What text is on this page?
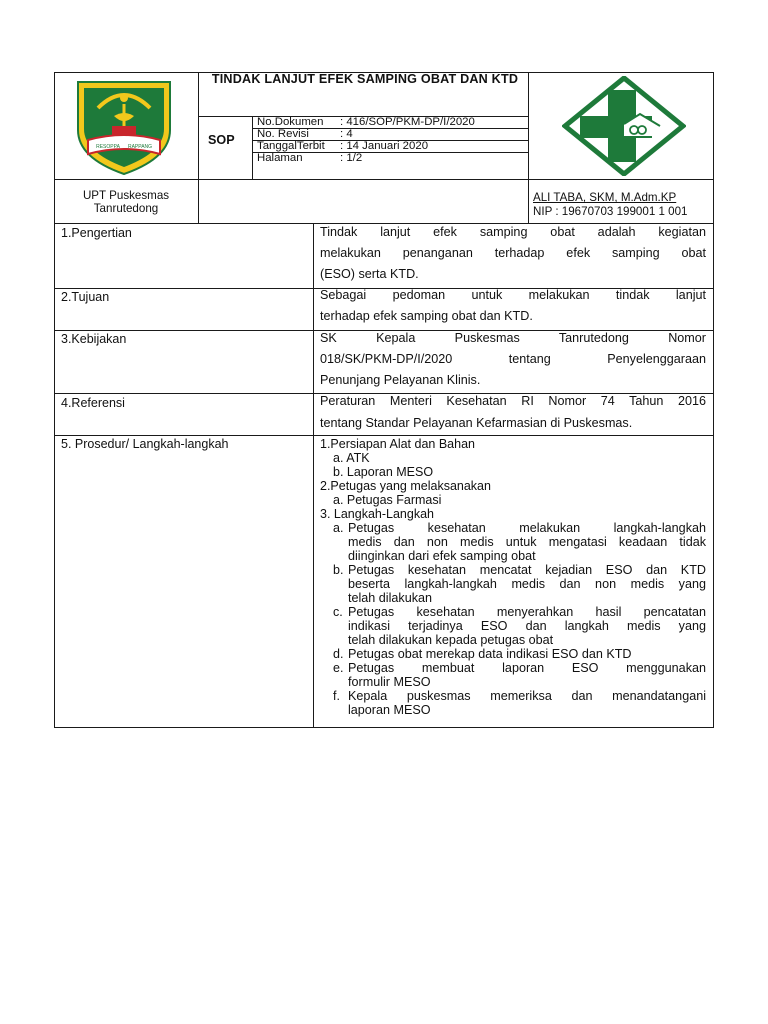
RESOPPA RAPPANG
TINDAK LANJUT EFEK SAMPING OBAT DAN KTD
SOP
No.Dokumen : 416/SOP/PKM-DP/I/2020
No. Revisi	: 4
TanggalTerbit : 14 Januari 2020
Halaman	: 1/2
UPT Puskesmas
Tanrutedong
ALI TABA, SKM, M.Adm.KP
NIP : 19670703 199001 1 001
1.Pengertian
2.Tujuan
3.Kebijakan
4.Referensi
5. Prosedur/ Langkah-langkah
Tindak lanjut efek samping obat adalah kegiatan
melakukan penanganan terhadap efek samping obat
(ESO) serta KTD.
Sebagai pedoman untuk melakukan tindak lanjut
terhadap efek samping obat dan KTD.
SK Kepala Puskesmas Tanrutedong Nomor
018/SK/PKM-DP/I/2020 tentang Penyelenggaraan
Penunjang Pelayanan Klinis.
Peraturan Menteri Kesehatan RI Nomor 74 Tahun 2016
tentang Standar Pelayanan Kefarmasian di Puskesmas.
1.Persiapan Alat dan Bahan
a. ATK
b. Laporan MESO
2.Petugas yang melaksanakan
a. Petugas Farmasi
3. Langkah-Langkah
a. Petugas kesehatan melakukan langkah-langkah
medis dan non medis untuk mengatasi keadaan tidak
diinginkan dari efek samping obat
b. Petugas kesehatan mencatat kejadian ESO dan KTD
beserta langkah-langkah medis dan non medis yang
telah dilakukan
c. Petugas kesehatan menyerahkan hasil pencatatan
indikasi terjadinya ESO dan langkah medis yang
telah dilakukan kepada petugas obat
d. Petugas obat merekap data indikasi ESO dan KTD
e. Petugas membuat laporan ESO menggunakan
formulir MESO
f. Kepala puskesmas memeriksa dan menandatangani
laporan MESO
